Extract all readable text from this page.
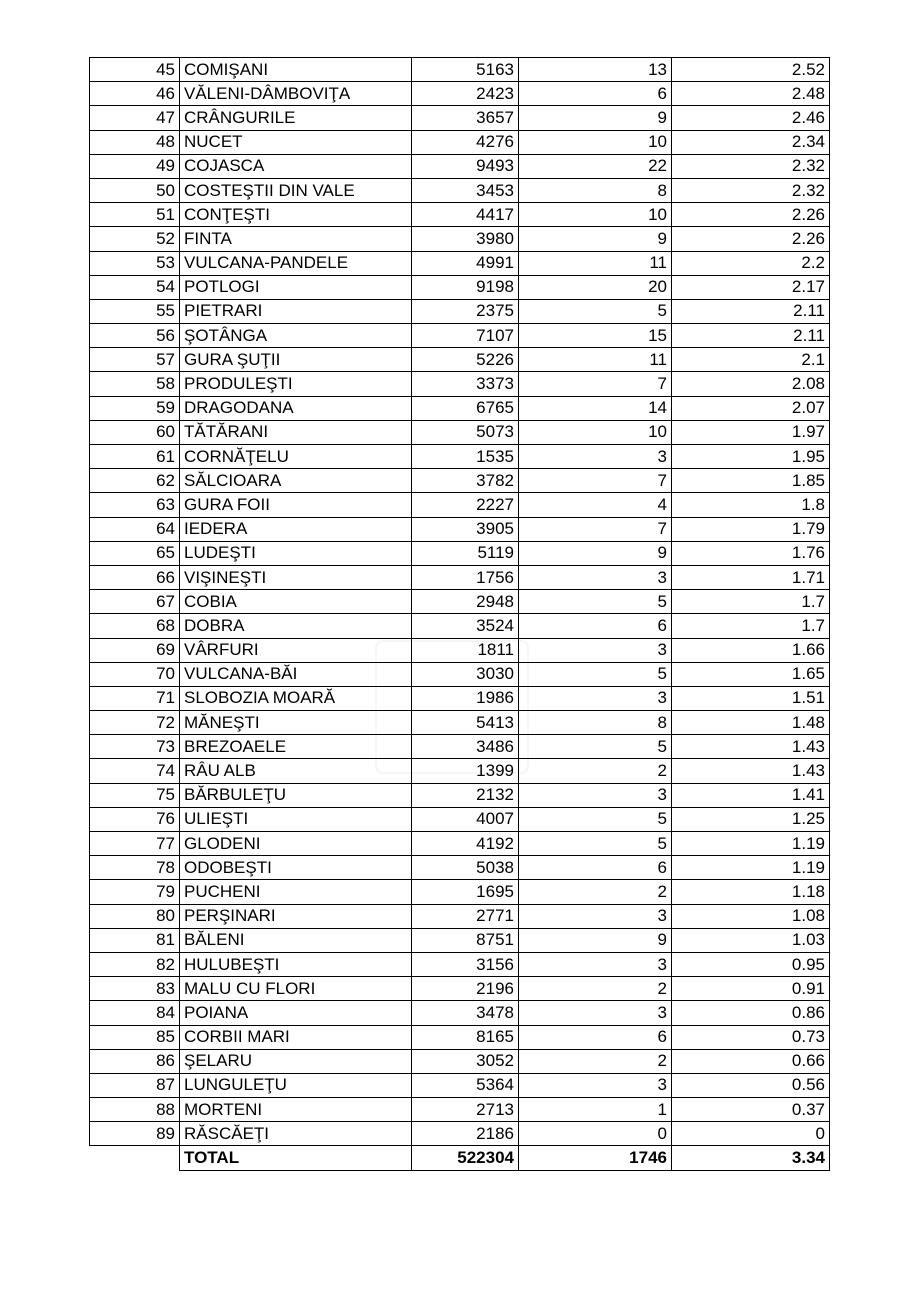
45	COMIŞANI	5163	13	2.52
46	VĂLENI-DÂMBOVIŢA	2423	6	2.48
47	CRÂNGURILE	3657	9	2.46
48	NUCET	4276	10	2.34
49	COJASCA	9493	22	2.32
50	COSTEŞTII DIN VALE	3453	8	2.32
51	CONŢEŞTI	4417	10	2.26
52	FINTA	3980	9	2.26
53	VULCANA-PANDELE	4991	11	2.2
54	POTLOGI	9198	20	2.17
55	PIETRARI	2375	5	2.11
56	ŞOTÂNGA	7107	15	2.11
57	GURA ŞUŢII	5226	11	2.1
58	PRODULEŞTI	3373	7	2.08
59	DRAGODANA	6765	14	2.07
60	TĂTĂRANI	5073	10	1.97
61	CORNĂŢELU	1535	3	1.95
62	SĂLCIOARA	3782	7	1.85
63	GURA FOII	2227	4	1.8
64	IEDERA	3905	7	1.79
65	LUDEŞTI	5119	9	1.76
66	VIŞINEŞTI	1756	3	1.71
67	COBIA	2948	5	1.7
68	DOBRA	3524	6	1.7
69	VÂRFURI	1811	3	1.66
70	VULCANA-BĂI	3030	5	1.65
71	SLOBOZIA MOARĂ	1986	3	1.51
72	MĂNEŞTI	5413	8	1.48
73	BREZOAELE	3486	5	1.43
74	RÂU ALB	1399	2	1.43
75	BĂRBULEŢU	2132	3	1.41
76	ULIEŞTI	4007	5	1.25
77	GLODENI	4192	5	1.19
78	ODOBEŞTI	5038	6	1.19
79	PUCHENI	1695	2	1.18
80	PERŞINARI	2771	3	1.08
81	BĂLENI	8751	9	1.03
82	HULUBEŞTI	3156	3	0.95
83	MALU CU FLORI	2196	2	0.91
84	POIANA	3478	3	0.86
85	CORBII MARI	8165	6	0.73
86	ŞELARU	3052	2	0.66
87	LUNGULEŢU	5364	3	0.56
88	MORTENI	2713	1	0.37
89	RĂSCĂEŢI	2186	0	0
	TOTAL	522304	1746	3.34
